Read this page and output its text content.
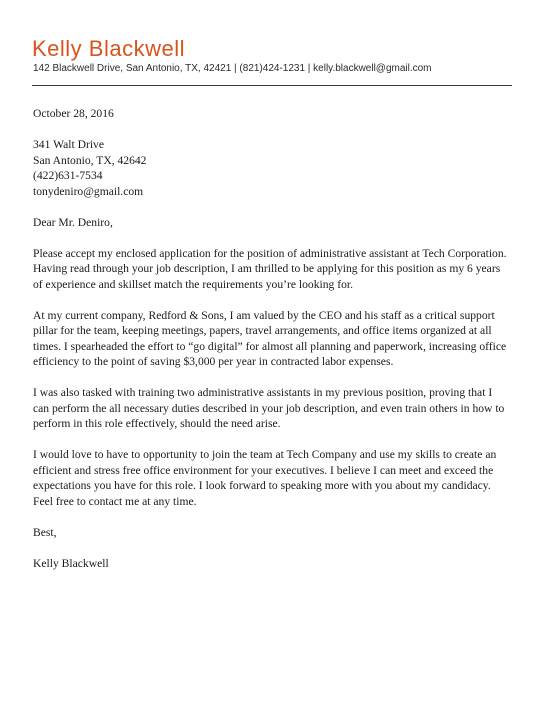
Kelly Blackwell
142 Blackwell Drive, San Antonio, TX, 42421 | (821)424-1231 | kelly.blackwell@gmail.com

October 28, 2016

341 Walt Drive
San Antonio, TX, 42642
(422)631-7534
tonydeniro@gmail.com

Dear Mr. Deniro,

Please accept my enclosed application for the position of administrative assistant at Tech Corporation. Having read through your job description, I am thrilled to be applying for this position as my 6 years of experience and skillset match the requirements you’re looking for.

At my current company, Redford & Sons, I am valued by the CEO and his staff as a critical support pillar for the team, keeping meetings, papers, travel arrangements, and office items organized at all times. I spearheaded the effort to “go digital” for almost all planning and paperwork, increasing office efficiency to the point of saving $3,000 per year in contracted labor expenses.

I was also tasked with training two administrative assistants in my previous position, proving that I can perform the all necessary duties described in your job description, and even train others in how to perform in this role effectively, should the need arise.

I would love to have to opportunity to join the team at Tech Company and use my skills to create an efficient and stress free office environment for your executives. I believe I can meet and exceed the expectations you have for this role. I look forward to speaking more with you about my candidacy. Feel free to contact me at any time.

Best,

Kelly Blackwell
